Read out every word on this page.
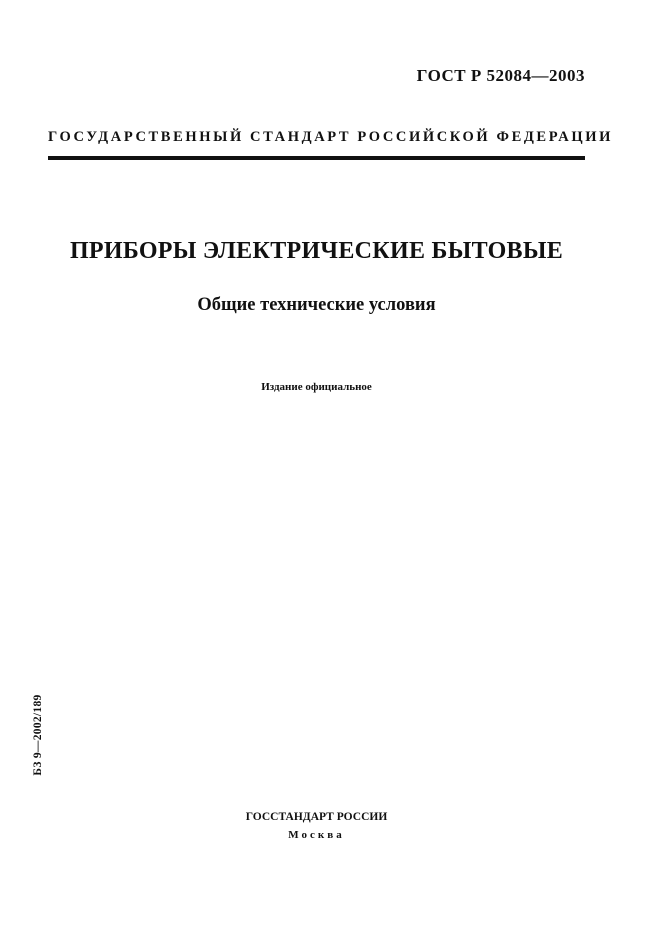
ГОСТ Р 52084—2003
ГОСУДАРСТВЕННЫЙ СТАНДАРТ РОССИЙСКОЙ ФЕДЕРАЦИИ
ПРИБОРЫ ЭЛЕКТРИЧЕСКИЕ БЫТОВЫЕ
Общие технические условия
Издание официальное
БЗ 9—2002/189
ГОССТАНДАРТ РОССИИ
Москва
